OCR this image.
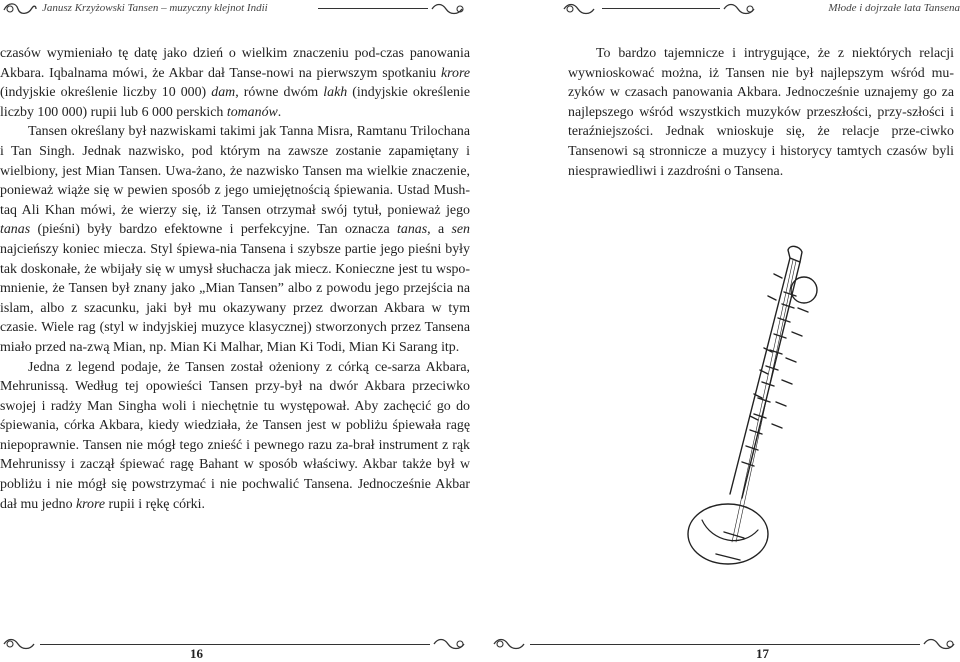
Janusz Krzyżowski Tansen – muzyczny klejnot Indii	Młode i dojrzałe lata Tansena

czasów wymieniało tę datę jako dzień o wielkim znaczeniu pod-czas panowania Akbara. Iqbalnama mówi, że Akbar dał Tanse-nowi na pierwszym spotkaniu krore (indyjskie określenie liczby 10 000) dam, równe dwóm lakh (indyjskie określenie liczby 100 000) rupii lub 6 000 perskich tomanów.

Tansen określany był nazwiskami takimi jak Tanna Misra, Ramtanu Trilochana i Tan Singh. Jednak nazwisko, pod którym na zawsze zostanie zapamiętany i wielbiony, jest Mian Tansen. Uwa-żano, że nazwisko Tansen ma wielkie znaczenie, ponieważ wiąże się w pewien sposób z jego umiejętnością śpiewania. Ustad Mush-taq Ali Khan mówi, że wierzy się, iż Tansen otrzymał swój tytuł, ponieważ jego tanas (pieśni) były bardzo efektowne i perfekcyjne. Tan oznacza tanas, a sen najcieńszy koniec miecza. Styl śpiewa-nia Tansena i szybsze partie jego pieśni były tak doskonałe, że wbijały się w umysł słuchacza jak miecz. Konieczne jest tu wspo-mnienie, że Tansen był znany jako „Mian Tansen” albo z powodu jego przejścia na islam, albo z szacunku, jaki był mu okazywany przez dworzan Akbara w tym czasie. Wiele rag (styl w indyjskiej muzyce klasycznej) stworzonych przez Tansena miało przed na-zwą Mian, np. Mian Ki Malhar, Mian Ki Todi, Mian Ki Sarang itp.

Jedna z legend podaje, że Tansen został ożeniony z córką ce-sarza Akbara, Mehrunissą. Według tej opowieści Tansen przy-był na dwór Akbara przeciwko swojej i radży Man Singha woli i niechętnie tu występował. Aby zachęcić go do śpiewania, córka Akbara, kiedy wiedziała, że Tansen jest w pobliżu śpiewała ragę niepoprawnie. Tansen nie mógł tego znieść i pewnego razu za-brał instrument z rąk Mehrunissy i zaczął śpiewać ragę Bahant w sposób właściwy. Akbar także był w pobliżu i nie mógł się powstrzymać i nie pochwalić Tansena. Jednocześnie Akbar dał mu jedno krore rupii i rękę córki.

To bardzo tajemnicze i intrygujące, że z niektórych relacji wywnioskować można, iż Tansen nie był najlepszym wśród mu-zyków w czasach panowania Akbara. Jednocześnie uznajemy go za najlepszego wśród wszystkich muzyków przeszłości, przy-szłości i teraźniejszości. Jednak wnioskuje się, że relacje prze-ciwko Tansenowi są stronnicze a muzycy i historycy tamtych czasów byli niesprawiedliwi i zazdrośni o Tansena.

16	17
